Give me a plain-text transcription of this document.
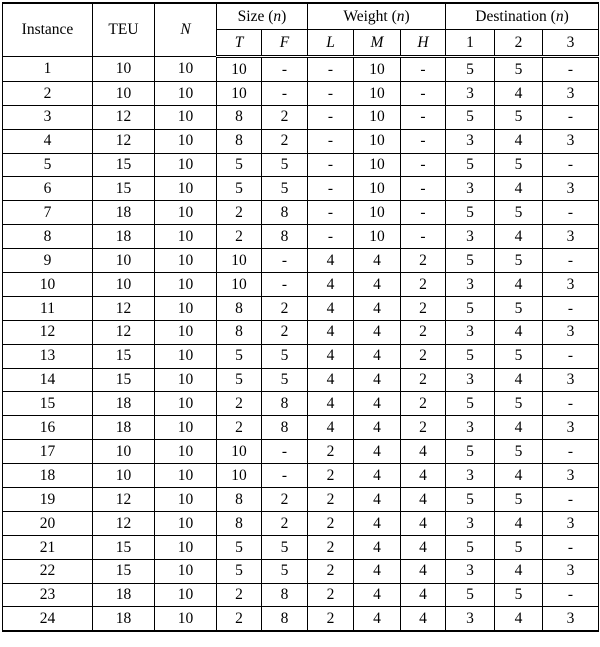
Instance	TEU	N	Size (n)		Weight (n)			Destination (n)		
			T	F	L	M	H	1	2	3
1	10	10	10	-	-	10	-	5	5	-
2	10	10	10	-	-	10	-	3	4	3
3	12	10	8	2	-	10	-	5	5	-
4	12	10	8	2	-	10	-	3	4	3
5	15	10	5	5	-	10	-	5	5	-
6	15	10	5	5	-	10	-	3	4	3
7	18	10	2	8	-	10	-	5	5	-
8	18	10	2	8	-	10	-	3	4	3
9	10	10	10	-	4	4	2	5	5	-
10	10	10	10	-	4	4	2	3	4	3
11	12	10	8	2	4	4	2	5	5	-
12	12	10	8	2	4	4	2	3	4	3
13	15	10	5	5	4	4	2	5	5	-
14	15	10	5	5	4	4	2	3	4	3
15	18	10	2	8	4	4	2	5	5	-
16	18	10	2	8	4	4	2	3	4	3
17	10	10	10	-	2	4	4	5	5	-
18	10	10	10	-	2	4	4	3	4	3
19	12	10	8	2	2	4	4	5	5	-
20	12	10	8	2	2	4	4	3	4	3
21	15	10	5	5	2	4	4	5	5	-
22	15	10	5	5	2	4	4	3	4	3
23	18	10	2	8	2	4	4	5	5	-
24	18	10	2	8	2	4	4	3	4	3
